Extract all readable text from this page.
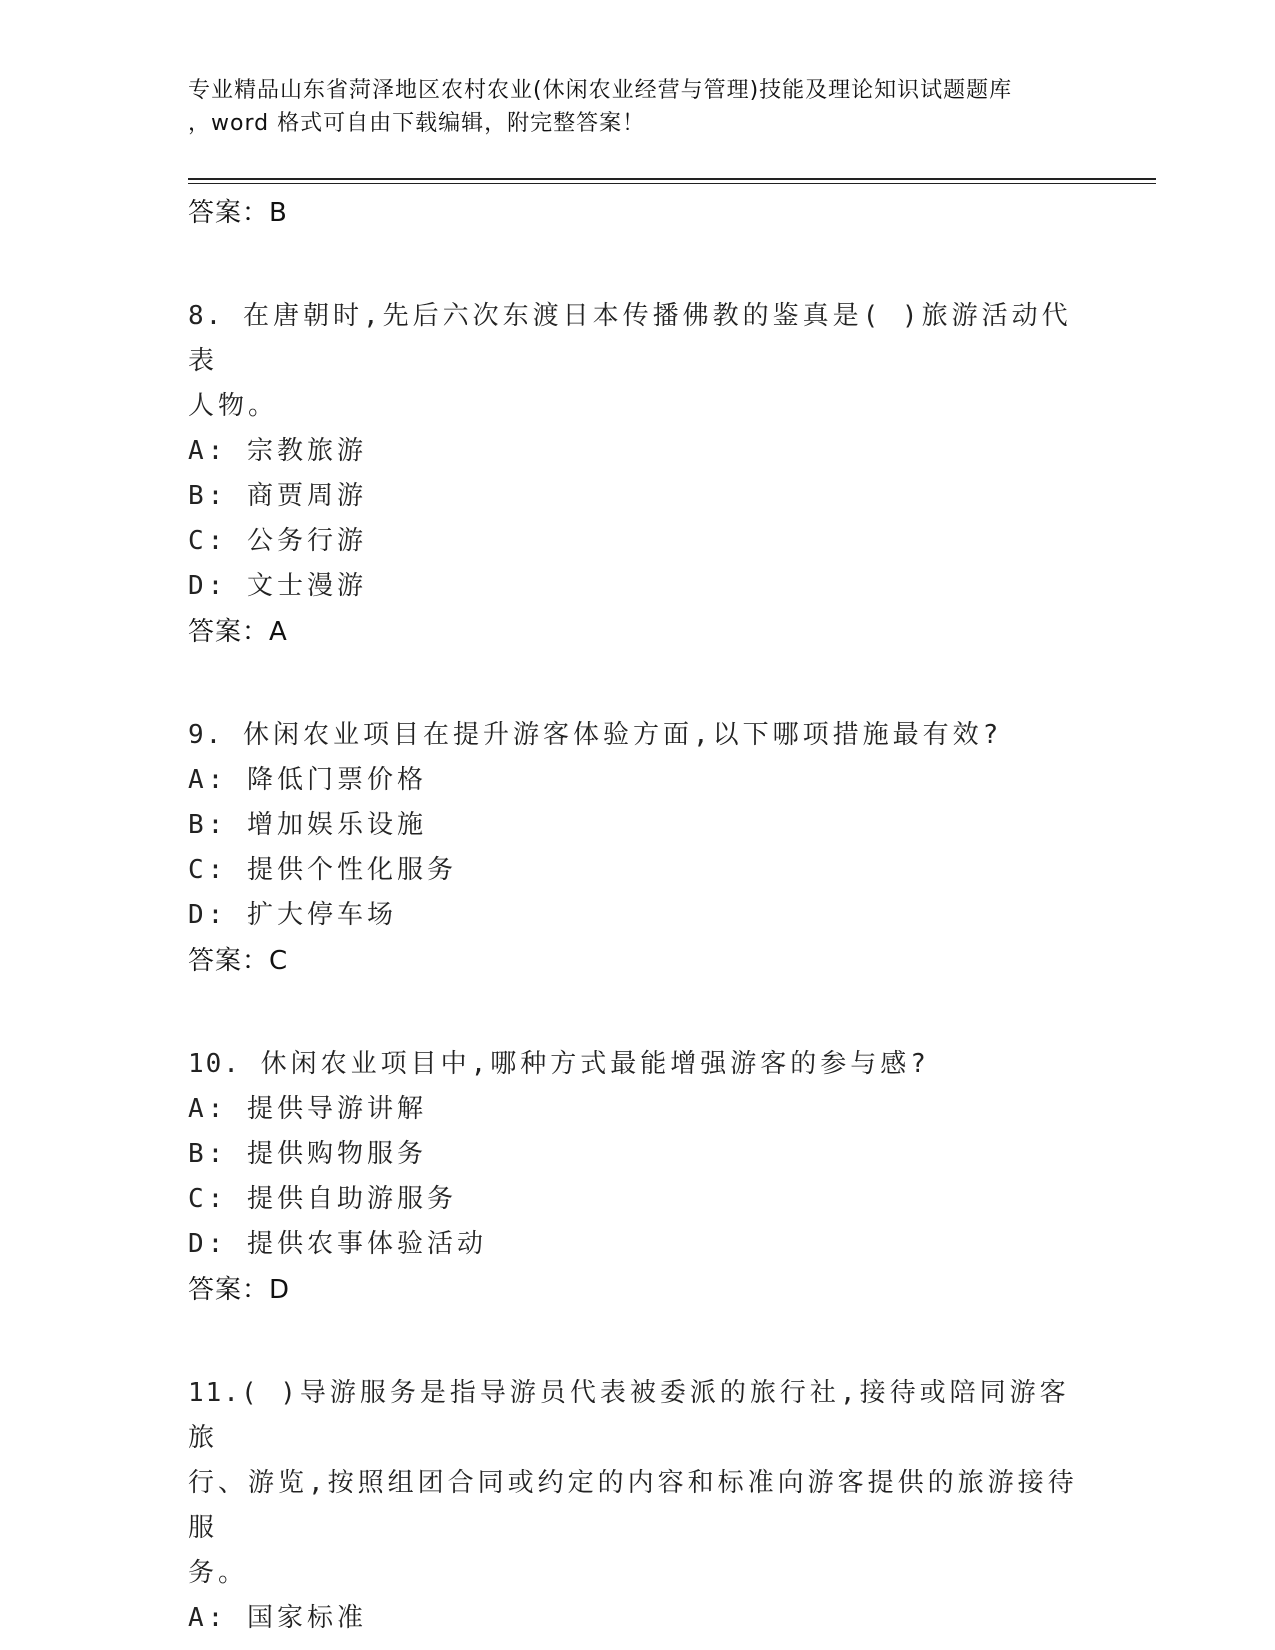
专业精品山东省菏泽地区农村农业(休闲农业经营与管理)技能及理论知识试题题库
，word 格式可自由下载编辑，附完整答案！
答案：B
8. 在唐朝时,先后六次东渡日本传播佛教的鉴真是( )旅游活动代表
人物。
A: 宗教旅游
B: 商贾周游
C: 公务行游
D: 文士漫游
答案：A
9. 休闲农业项目在提升游客体验方面,以下哪项措施最有效?
A: 降低门票价格
B: 增加娱乐设施
C: 提供个性化服务
D: 扩大停车场
答案：C
10. 休闲农业项目中,哪种方式最能增强游客的参与感?
A: 提供导游讲解
B: 提供购物服务
C: 提供自助游服务
D: 提供农事体验活动
答案：D
11.( )导游服务是指导游员代表被委派的旅行社,接待或陪同游客旅
行、游览,按照组团合同或约定的内容和标准向游客提供的旅游接待服
务。
A: 国家标准
